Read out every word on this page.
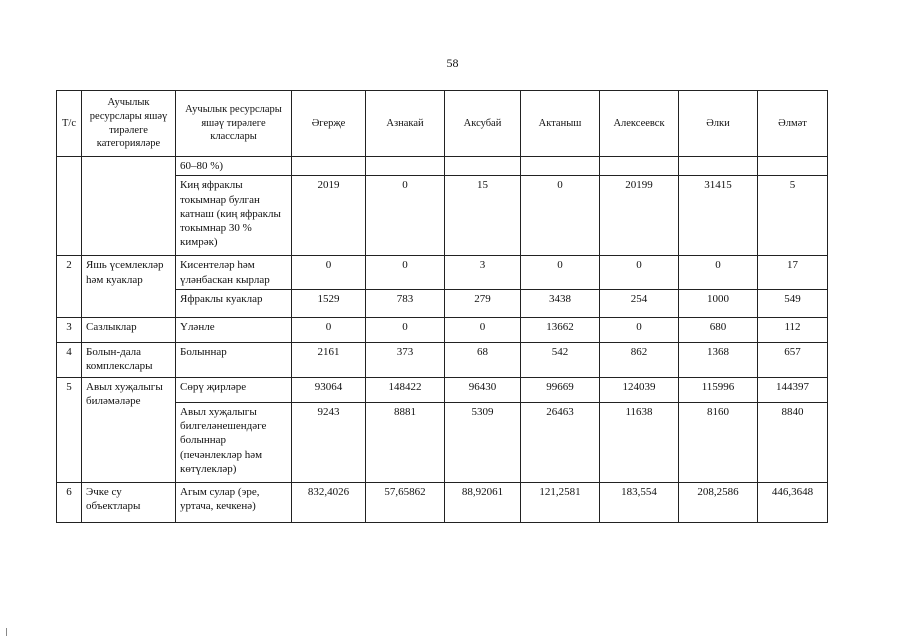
58
Т/с	Аучылык ресурслары яшәү тирәлеге категорияләре	Аучылык ресурслары яшәү тирәлеге класслары	Әгерҗе	Азнакай	Аксубай	Актаныш	Алексеевск	Әлки	Әлмәт
		60–80 %)							
		Киң яфраклы токымнар булган катнаш (киң яфраклы токымнар 30 % кимрәк)	2019	0	15	0	20199	31415	5
2	Яшь үсемлекләр һәм куаклар	Кисентеләр һәм үләнбаскан кырлар	0	0	3	0	0	0	17
		Яфраклы куаклар	1529	783	279	3438	254	1000	549
3	Сазлыклар	Үләнле	0	0	0	13662	0	680	112
4	Болын-дала комплекслары	Болыннар	2161	373	68	542	862	1368	657
5	Авыл хуҗалыгы биләмәләре	Сөрү җирләре	93064	148422	96430	99669	124039	115996	144397
		Авыл хуҗалыгы билгеләнешендәге болыннар (печәнлекләр һәм көтүлекләр)	9243	8881	5309	26463	11638	8160	8840
6	Эчке су объектлары	Агым сулар (эре, уртача, кечкенә)	832,4026	57,65862	88,92061	121,2581	183,554	208,2586	446,3648
